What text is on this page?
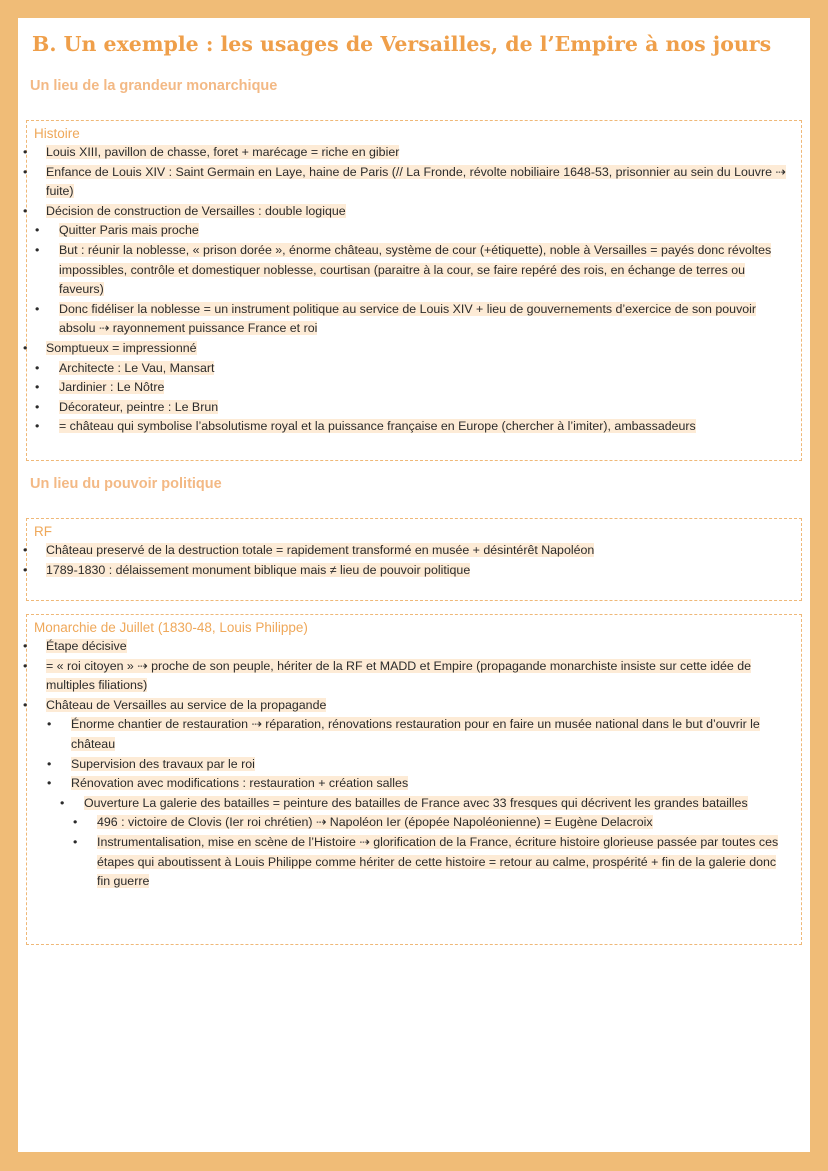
B. Un exemple : les usages de Versailles, de l’Empire à nos jours
Un lieu de la grandeur monarchique
Histoire
• Louis XIII, pavillon de chasse, foret + marécage = riche en gibier
• Enfance de Louis XIV : Saint Germain en Laye, haine de Paris (// La Fronde, révolte nobiliaire 1648-53, prisonnier au sein du Louvre ⇢ fuite)
• Décision de construction de Versailles : double logique
• Quitter Paris mais proche
• But : réunir la noblesse, « prison dorée », énorme château, système de cour (+étiquette), noble à Versailles = payés donc révoltes impossibles, contrôle et domestiquer noblesse, courtisan (paraitre à la cour, se faire repéré des rois, en échange de terres ou faveurs)
• Donc fidéliser la noblesse = un instrument politique au service de Louis XIV + lieu de gouvernements d’exercice de son pouvoir absolu ⇢ rayonnement puissance France et roi
• Somptueux = impressionné
• Architecte : Le Vau, Mansart
• Jardinier : Le Nôtre
• Décorateur, peintre : Le Brun
• = château qui symbolise l’absolutisme royal et la puissance française en Europe (chercher à l’imiter), ambassadeurs
Un lieu du pouvoir politique
RF
• Château preservé de la destruction totale = rapidement transformé en musée + désintérêt Napoléon
• 1789-1830 : délaissement monument biblique mais ≠ lieu de pouvoir politique
Monarchie de Juillet (1830-48, Louis Philippe)
• Étape décisive
• = « roi citoyen » ⇢ proche de son peuple, hériter de la RF et MADD et Empire (propagande monarchiste insiste sur cette idée de multiples filiations)
• Château de Versailles au service de la propagande
• Énorme chantier de restauration ⇢ réparation, rénovations restauration pour en faire un musée national dans le but d’ouvrir le château
• Supervision des travaux par le roi
• Rénovation avec modifications : restauration + création salles
• Ouverture La galerie des batailles = peinture des batailles de France avec 33 fresques qui décrivent les grandes batailles
• 496 : victoire de Clovis (Ier roi chrétien) ⇢ Napoléon Ier (épopée Napoléonienne) = Eugène Delacroix
• Instrumentalisation, mise en scène de l’Histoire ⇢ glorification de la France, écriture histoire glorieuse passée par toutes ces étapes qui aboutissent à Louis Philippe comme hériter de cette histoire = retour au calme, prospérité + fin de la galerie donc fin guerre
